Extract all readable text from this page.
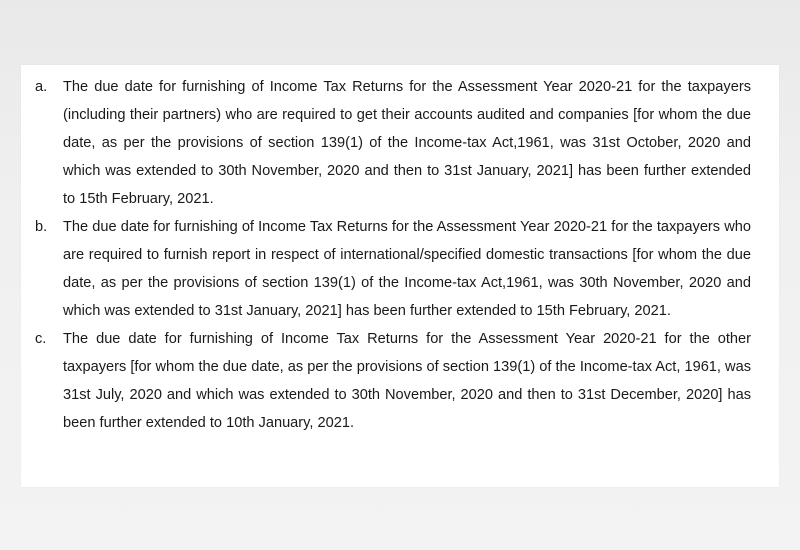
a. The due date for furnishing of Income Tax Returns for the Assessment Year 2020-21 for the taxpayers (including their partners) who are required to get their accounts audited and companies [for whom the due date, as per the provisions of section 139(1) of the Income-tax Act,1961, was 31st October, 2020 and which was extended to 30th November, 2020 and then to 31st January, 2021] has been further extended to 15th February, 2021.
b. The due date for furnishing of Income Tax Returns for the Assessment Year 2020-21 for the taxpayers who are required to furnish report in respect of international/specified domestic transactions [for whom the due date, as per the provisions of section 139(1) of the Income-tax Act,1961, was 30th November, 2020 and which was extended to 31st January, 2021] has been further extended to 15th February, 2021.
c. The due date for furnishing of Income Tax Returns for the Assessment Year 2020-21 for the other taxpayers [for whom the due date, as per the provisions of section 139(1) of the Income-tax Act, 1961, was 31st July, 2020 and which was extended to 30th November, 2020 and then to 31st December, 2020] has been further extended to 10th January, 2021.
